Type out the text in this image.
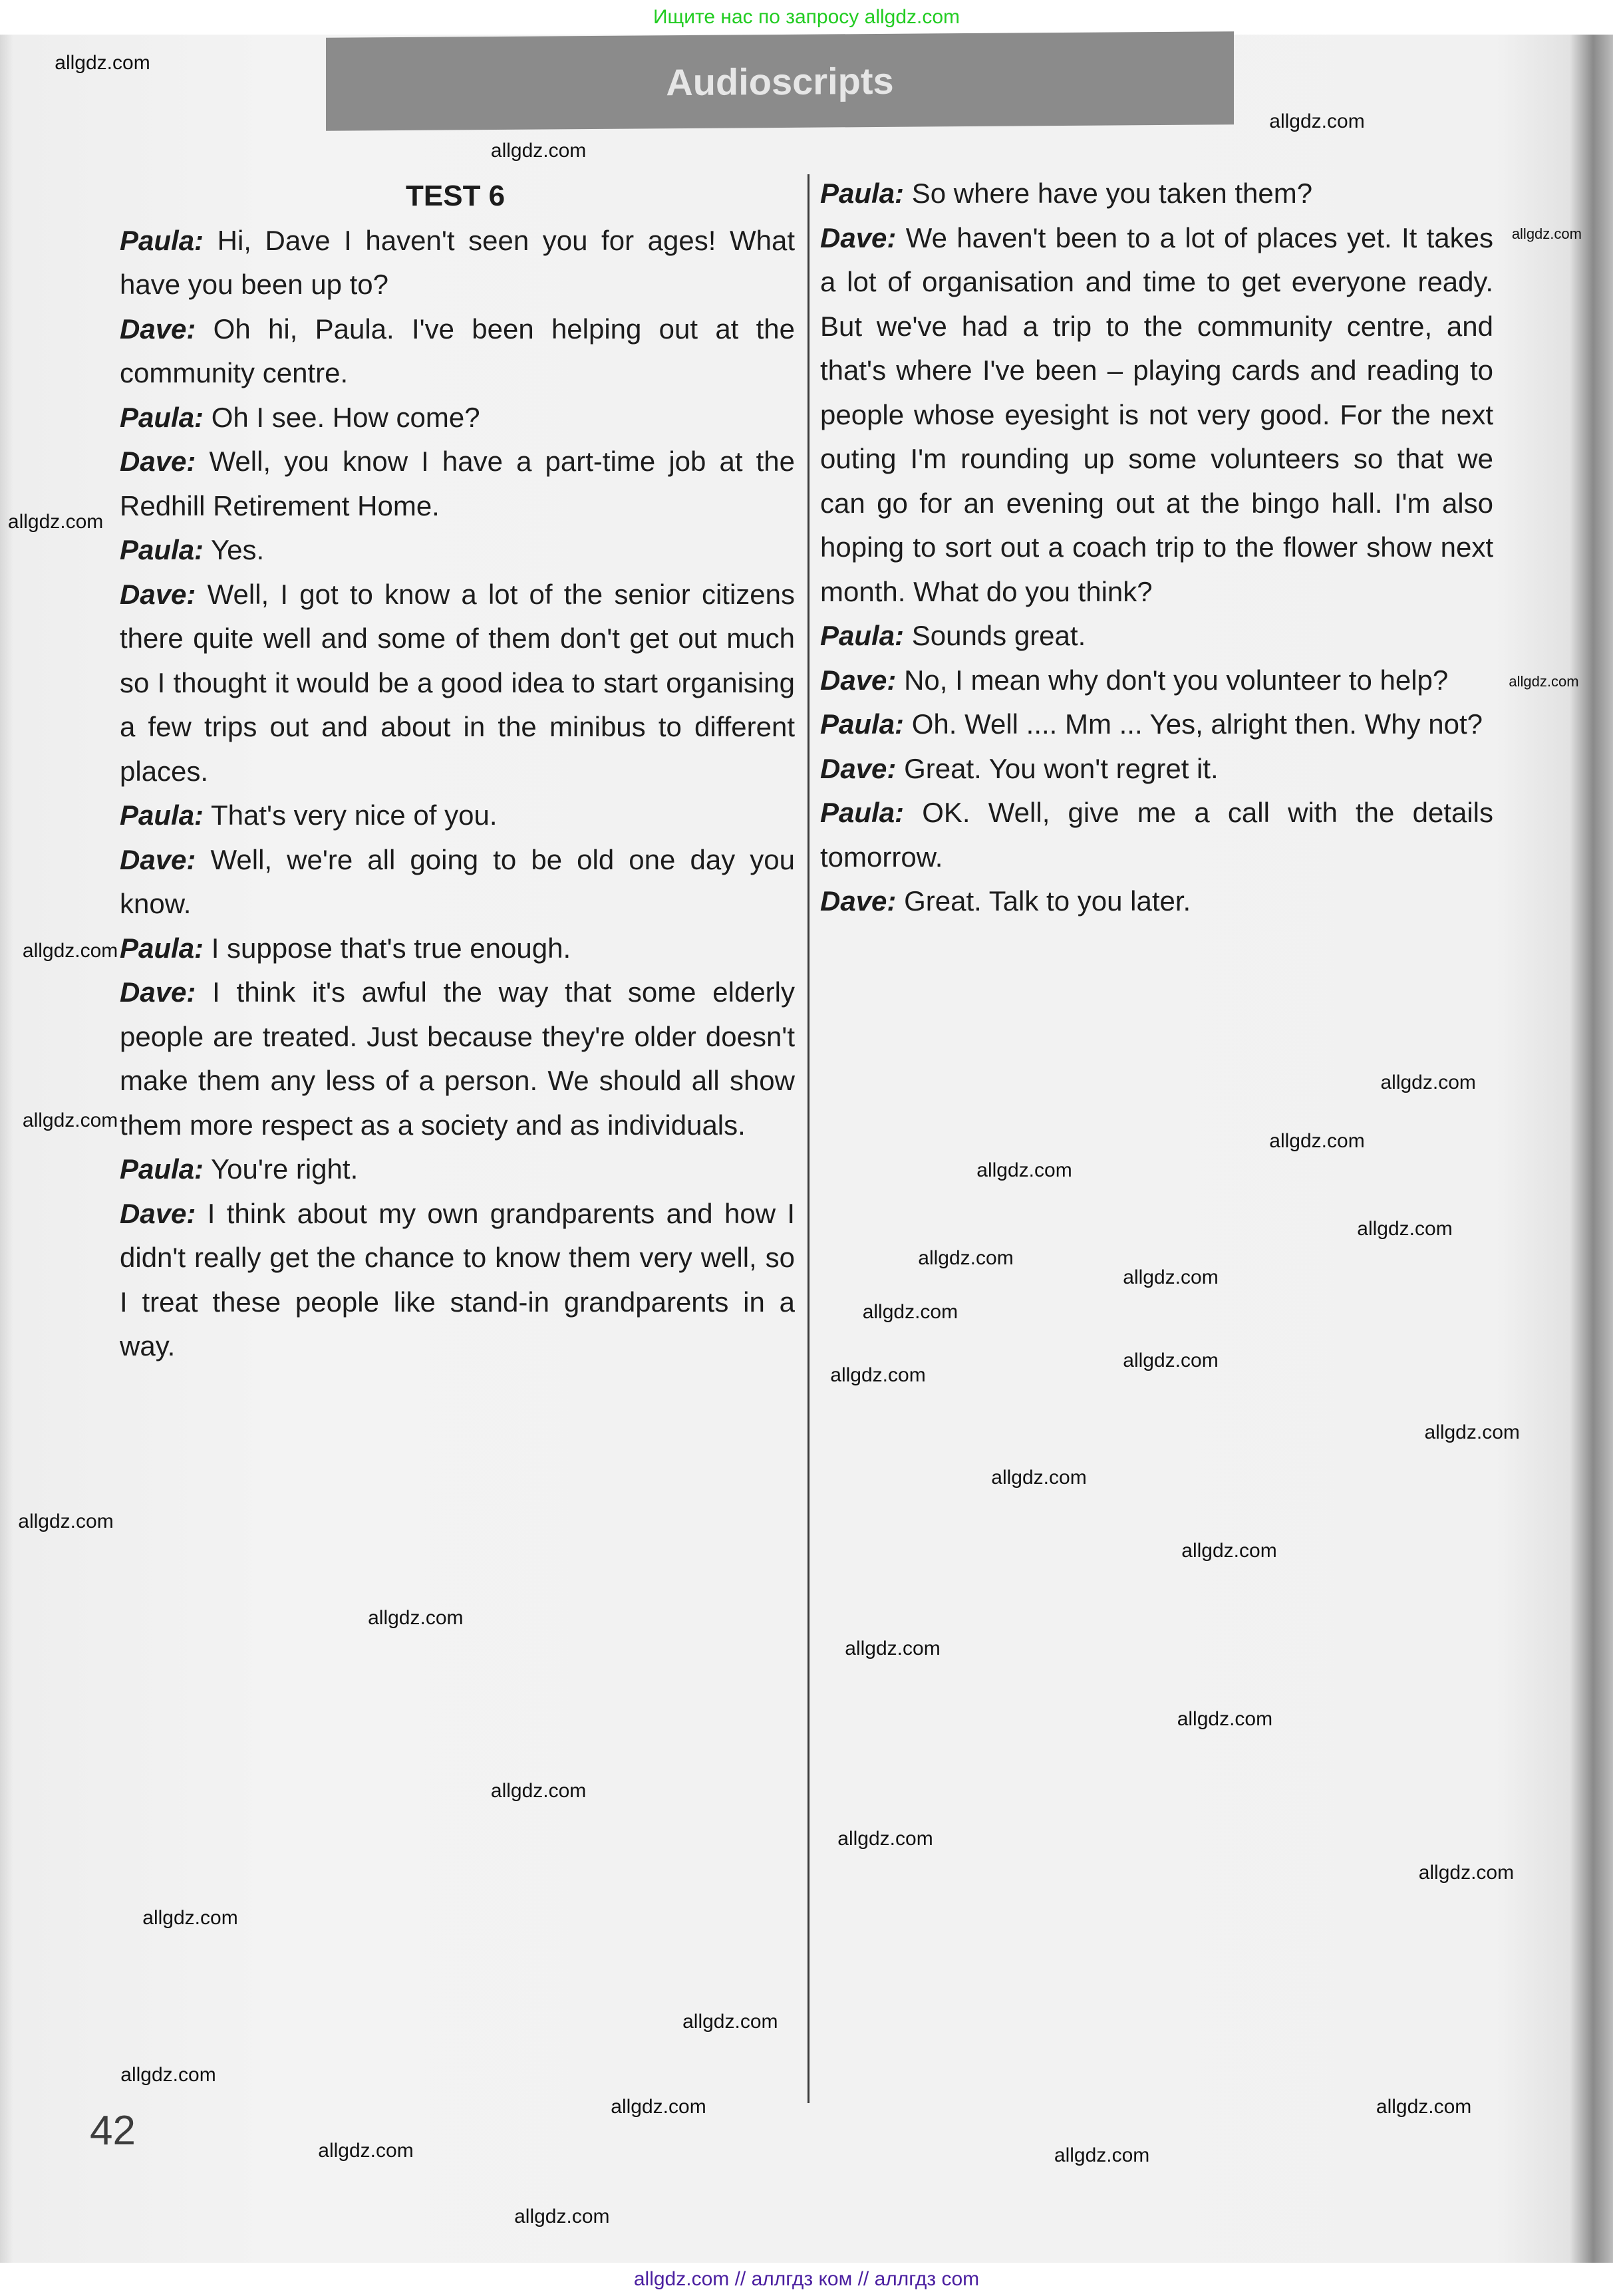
Ищите нас по запросу allgdz.com
Audioscripts

TEST 6

Paula: Hi, Dave I haven't seen you for ages! What have you been up to?

Dave: Oh hi, Paula. I've been helping out at the community centre.

Paula: Oh I see. How come?

Dave: Well, you know I have a part-time job at the Redhill Retirement Home.

Paula: Yes.

Dave: Well, I got to know a lot of the senior citizens there quite well and some of them don't get out much so I thought it would be a good idea to start organising a few trips out and about in the minibus to different places.

Paula: That's very nice of you.

Dave: Well, we're all going to be old one day you know.

Paula: I suppose that's true enough.

Dave: I think it's awful the way that some elderly people are treated. Just because they're older doesn't make them any less of a person. We should all show them more respect as a society and as individuals.

Paula: You're right.

Dave: I think about my own grandparents and how I didn't really get the chance to know them very well, so I treat these people like stand-in grandparents in a way.

Paula: So where have you taken them?

Dave: We haven't been to a lot of places yet. It takes a lot of organisation and time to get everyone ready. But we've had a trip to the community centre, and that's where I've been – playing cards and reading to people whose eyesight is not very good. For the next outing I'm rounding up some volunteers so that we can go for an evening out at the bingo hall. I'm also hoping to sort out a coach trip to the flower show next month. What do you think?

Paula: Sounds great.

Dave: No, I mean why don't you volunteer to help?

Paula: Oh. Well .... Mm ... Yes, alright then. Why not?

Dave: Great. You won't regret it.

Paula: OK. Well, give me a call with the details tomorrow.

Dave: Great. Talk to you later.

42
allgdz.com
allgdz.com
allgdz.com
allgdz.com
allgdz.com
allgdz.com
allgdz.com
allgdz.com
allgdz.com
allgdz.com
allgdz.com
allgdz.com
allgdz.com
allgdz.com
allgdz.com
allgdz.com
allgdz.com
allgdz.com
allgdz.com
allgdz.com
allgdz.com
allgdz.com
allgdz.com
allgdz.com
allgdz.com
allgdz.com
allgdz.com
allgdz.com
allgdz.com
allgdz.com
allgdz.com
allgdz.com
allgdz.com
allgdz.com
allgdz.com
allgdz.com // аллгдз ком // аллгдз com
